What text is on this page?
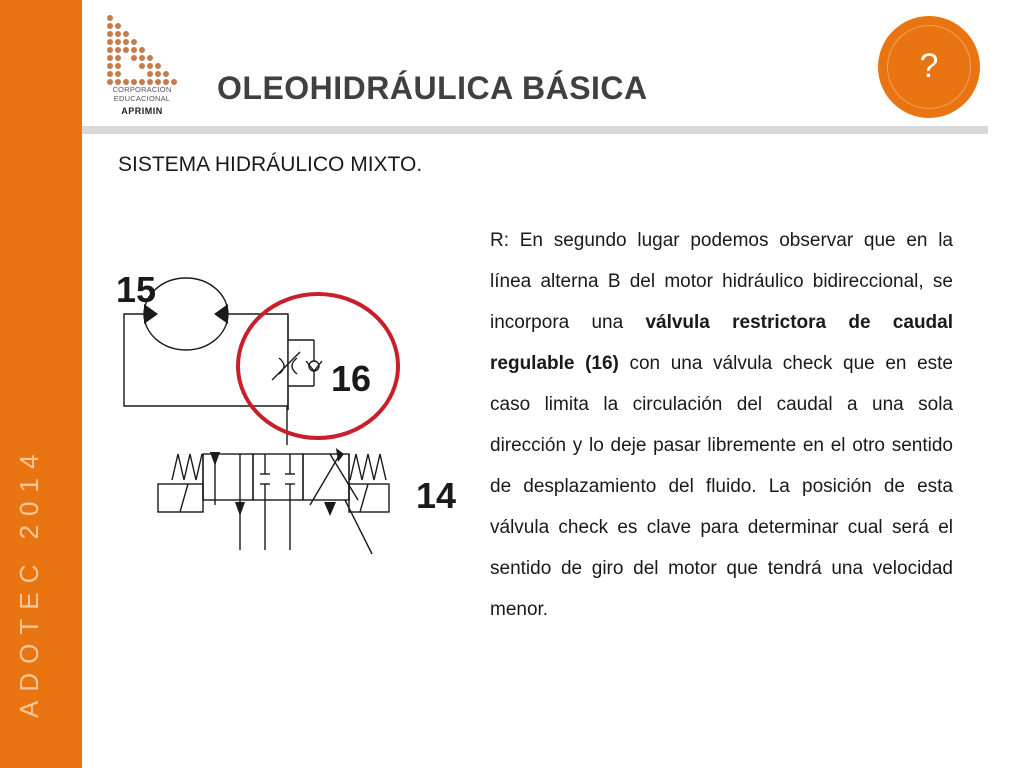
ADOTEC 2014
CORPORACION
EDUCACIONAL
APRIMIN
OLEOHIDRÁULICA BÁSICA
?
SISTEMA HIDRÁULICO MIXTO.
15
16
14
R: En segundo lugar podemos observar que en la línea alterna B del motor hidráulico bidireccional, se incorpora una válvula restrictora de caudal regulable (16) con una válvula check que en este caso limita la circulación del caudal a una sola dirección y lo deje pasar libremente en el otro sentido de desplazamiento del fluido. La posición de esta válvula check es clave para determinar cual será el sentido de giro del motor que tendrá una velocidad menor.
